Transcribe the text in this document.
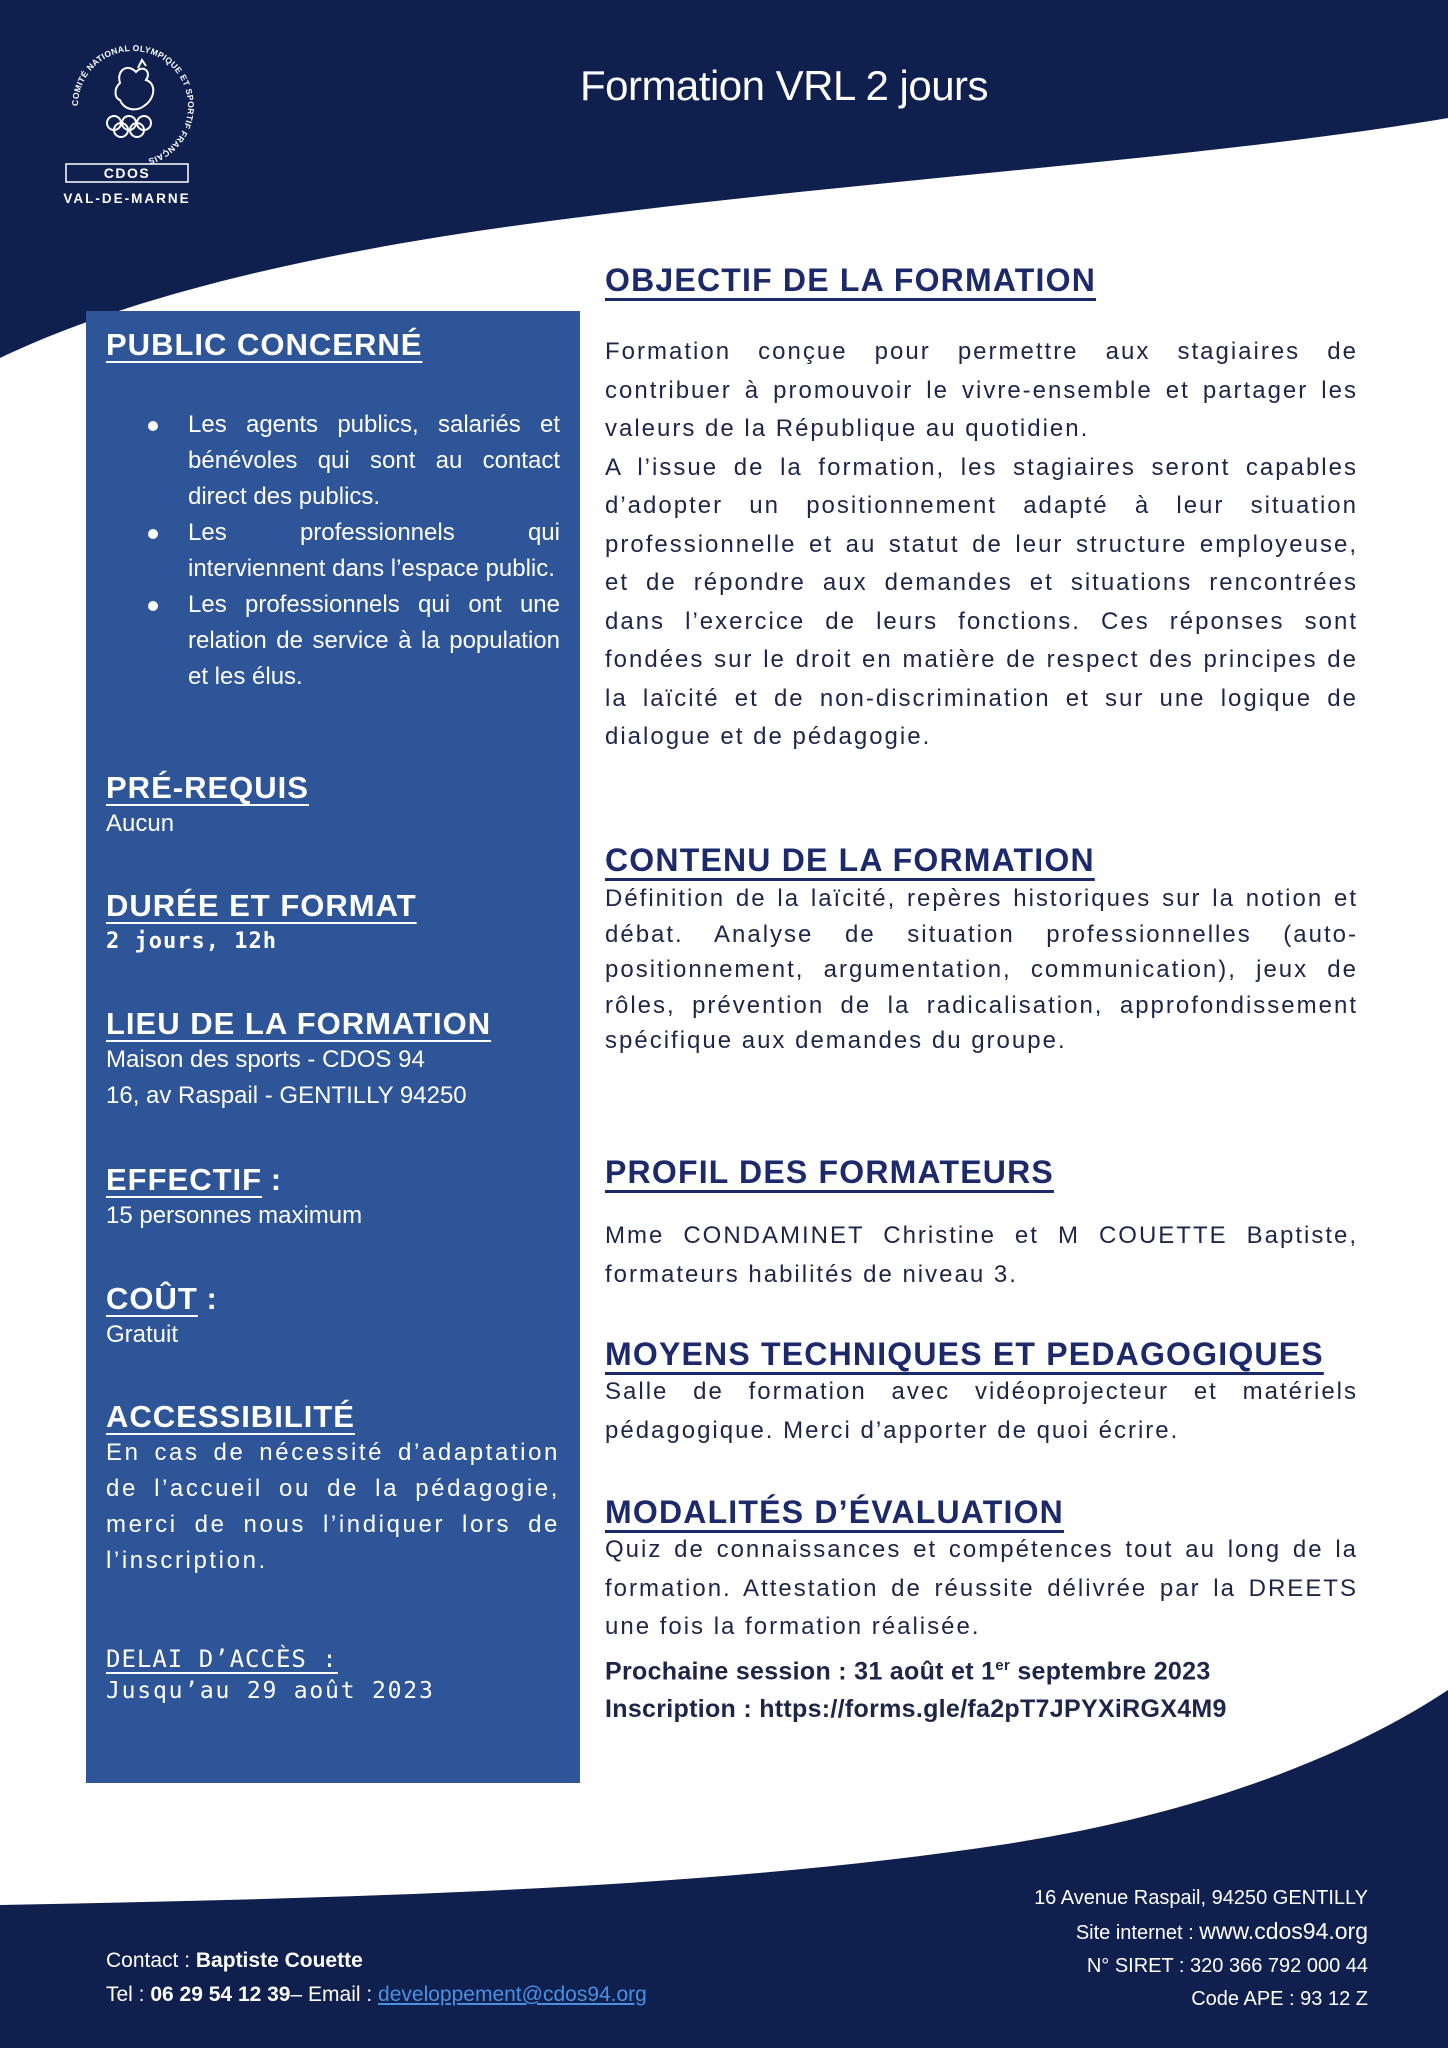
COMITÉ NATIONAL OLYMPIQUE ET SPORTIF FRANÇAIS
CDOS
VAL-DE-MARNE
Formation VRL 2 jours
PUBLIC CONCERNÉ
Les agents publics, salariés et bénévoles qui sont au contact direct des publics.
Les professionnels qui interviennent dans l’espace public.
Les professionnels qui ont une relation de service à la population et les élus.
PRÉ-REQUIS

Aucun

DURÉE ET FORMAT

2 jours, 12h

LIEU DE LA FORMATION

Maison des sports - CDOS 94

16, av Raspail - GENTILLY 94250

EFFECTIF :

15 personnes maximum

COÛT :

Gratuit

ACCESSIBILITÉ

En cas de nécessité d’adaptation de l’accueil ou de la pédagogie, merci de nous l’indiquer lors de l’inscription.

DELAI D’ACCÈS :
Jusqu’au 29 août 2023
OBJECTIF DE LA FORMATION

Formation conçue pour permettre aux stagiaires de contribuer à promouvoir le vivre-ensemble et partager les valeurs de la République au quotidien.

A l’issue de la formation, les stagiaires seront capables d’adopter un positionnement adapté à leur situation professionnelle et au statut de leur structure employeuse, et de répondre aux demandes et situations rencontrées dans l’exercice de leurs fonctions. Ces réponses sont fondées sur le droit en matière de respect des principes de la laïcité et de non-discrimination et sur une logique de dialogue et de pédagogie.

CONTENU DE LA FORMATION

Définition de la laïcité, repères historiques sur la notion et débat. Analyse de situation professionnelles (auto-positionnement, argumentation, communication), jeux de rôles, prévention de la radicalisation, approfondissement spécifique aux demandes du groupe.

PROFIL DES FORMATEURS

Mme CONDAMINET Christine et M COUETTE Baptiste, formateurs habilités de niveau 3.

MOYENS TECHNIQUES ET PEDAGOGIQUES

Salle de formation avec vidéoprojecteur et matériels pédagogique. Merci d’apporter de quoi écrire.

MODALITÉS D’ÉVALUATION

Quiz de connaissances et compétences tout au long de la formation. Attestation de réussite délivrée par la DREETS une fois la formation réalisée.

Prochaine session : 31 août et 1er septembre 2023
Inscription : https://forms.gle/fa2pT7JPYXiRGX4M9
Contact : Baptiste Couette
Tel : 06 29 54 12 39– Email : developpement@cdos94.org
16 Avenue Raspail, 94250 GENTILLY
Site internet : www.cdos94.org
N° SIRET : 320 366 792 000 44
Code APE : 93 12 Z
